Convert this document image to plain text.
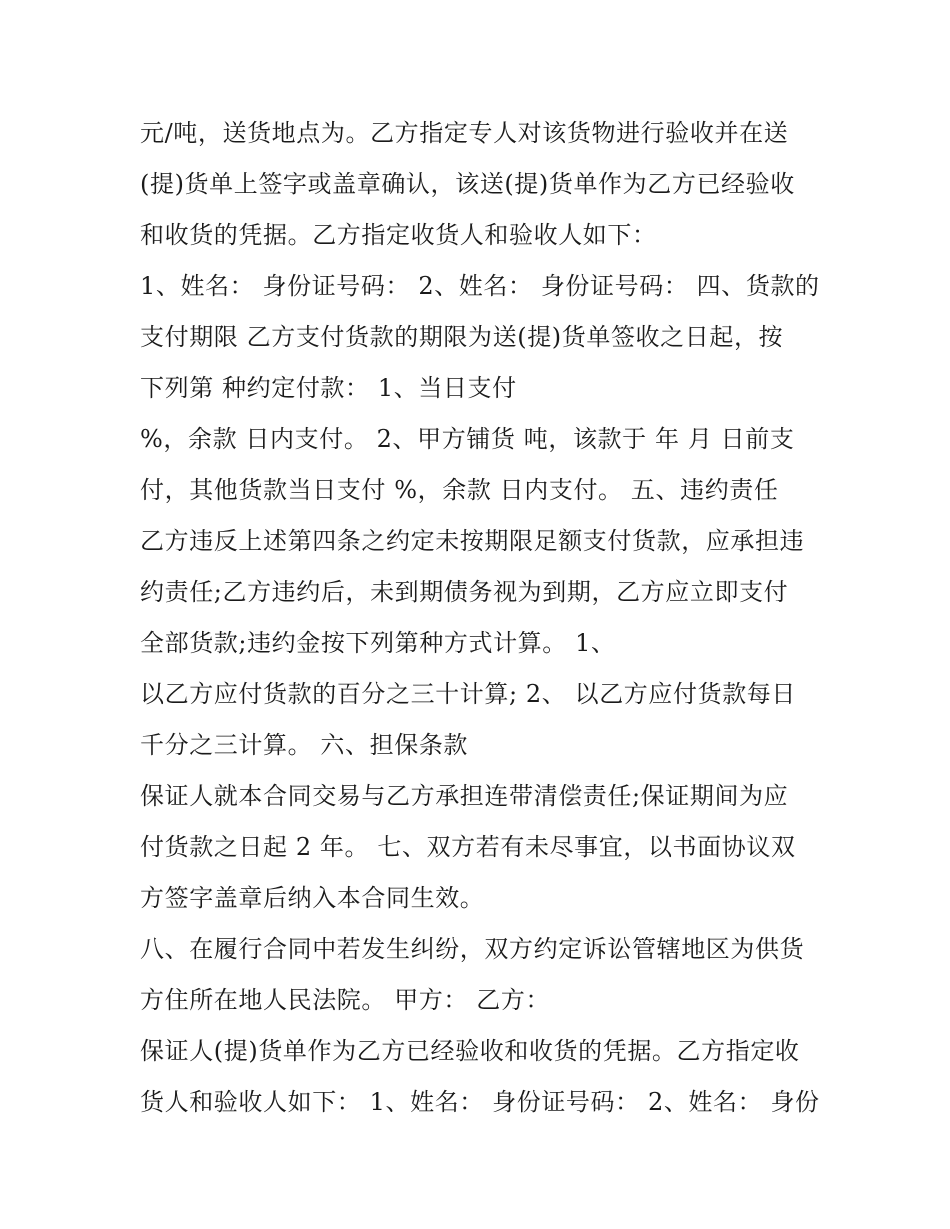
元/吨，送货地点为。乙方指定专人对该货物进行验收并在送
(提)货单上签字或盖章确认，该送(提)货单作为乙方已经验收
和收货的凭据。乙方指定收货人和验收人如下：
1、姓名： 身份证号码： 2、姓名： 身份证号码： 四、货款的
支付期限 乙方支付货款的期限为送(提)货单签收之日起，按
下列第 种约定付款： 1、当日支付
%，余款 日内支付。 2、甲方铺货 吨，该款于 年 月 日前支
付，其他货款当日支付 %，余款 日内支付。 五、违约责任
乙方违反上述第四条之约定未按期限足额支付货款，应承担违
约责任;乙方违约后，未到期债务视为到期，乙方应立即支付
全部货款;违约金按下列第种方式计算。 1、
以乙方应付货款的百分之三十计算; 2、 以乙方应付货款每日
千分之三计算。 六、担保条款
保证人就本合同交易与乙方承担连带清偿责任;保证期间为应
付货款之日起 2 年。 七、双方若有未尽事宜，以书面协议双
方签字盖章后纳入本合同生效。
八、在履行合同中若发生纠纷，双方约定诉讼管辖地区为供货
方住所在地人民法院。 甲方： 乙方：
保证人(提)货单作为乙方已经验收和收货的凭据。乙方指定收
货人和验收人如下： 1、姓名： 身份证号码： 2、姓名： 身份
